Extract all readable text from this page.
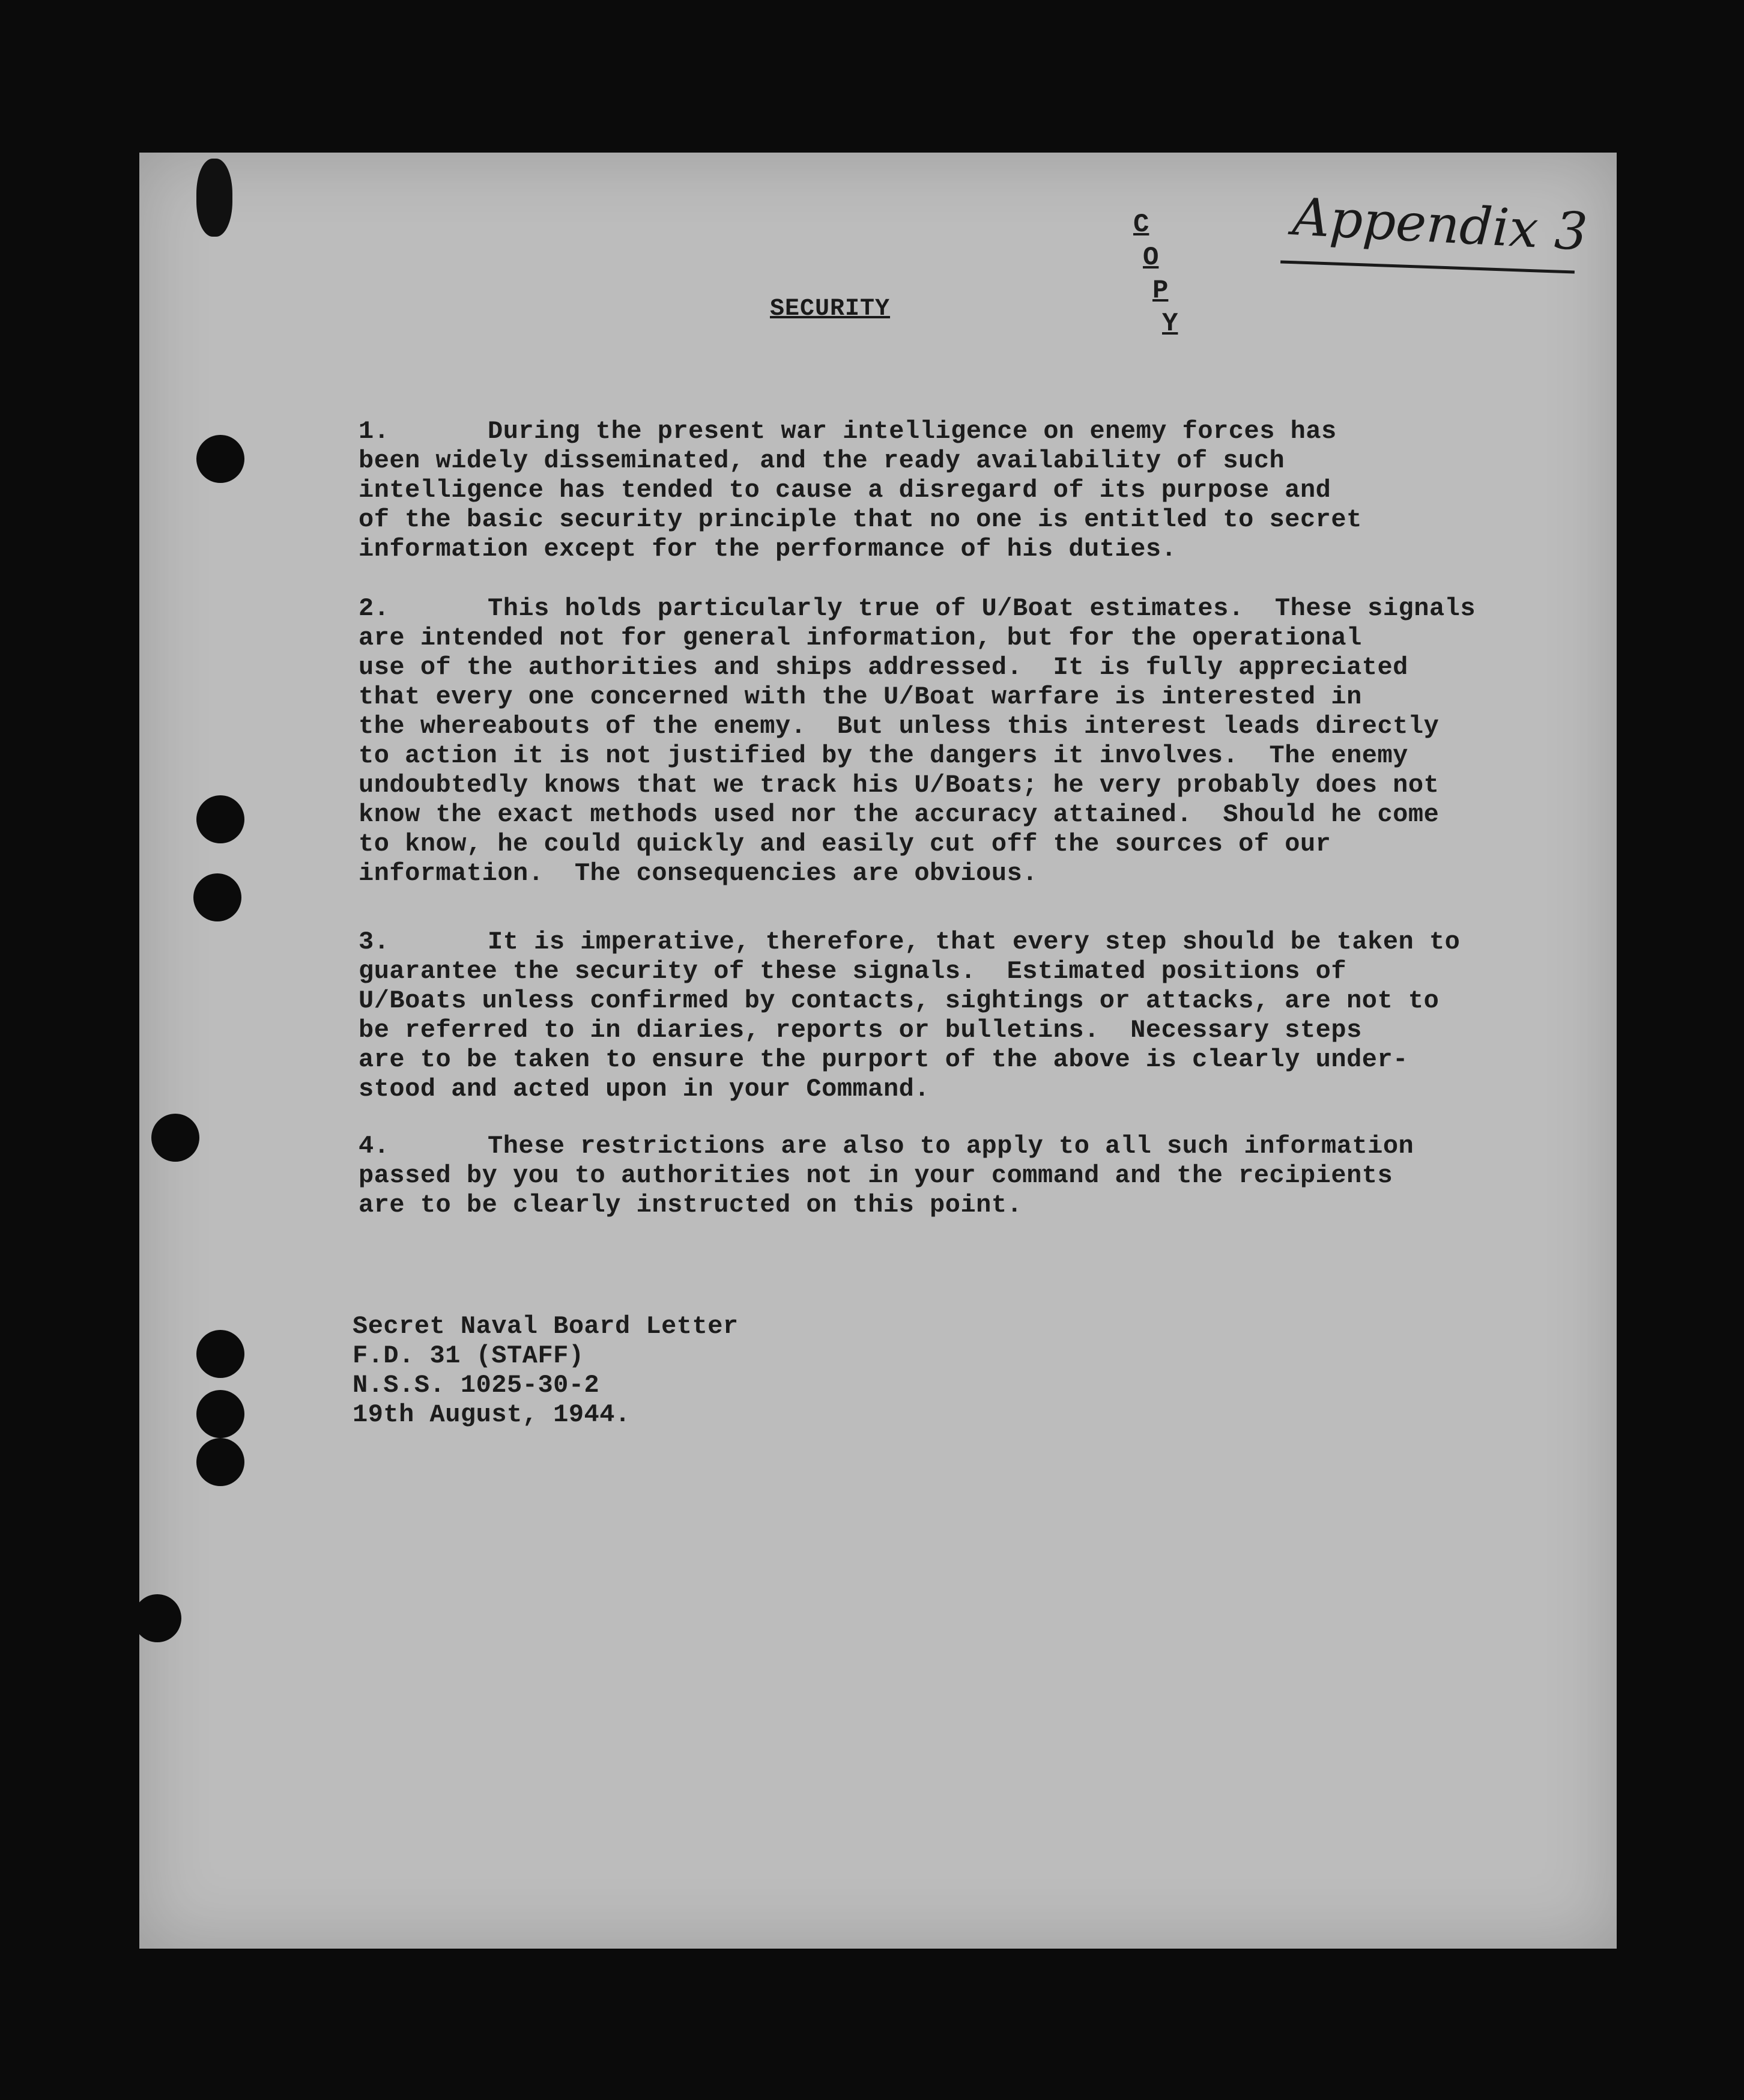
Appendix 3
C
O
P
Y
SECURITY
1.	During the present war intelligence on enemy forces has
been widely disseminated, and the ready availability of such
intelligence has tended to cause a disregard of its purpose and
of the basic security principle that no one is entitled to secret
information except for the performance of his duties.
2.	This holds particularly true of U/Boat estimates.  These signals
are intended not for general information, but for the operational
use of the authorities and ships addressed.  It is fully appreciated
that every one concerned with the U/Boat warfare is interested in
the whereabouts of the enemy.  But unless this interest leads directly
to action it is not justified by the dangers it involves.  The enemy
undoubtedly knows that we track his U/Boats; he very probably does not
know the exact methods used nor the accuracy attained.  Should he come
to know, he could quickly and easily cut off the sources of our
information.  The consequencies are obvious.
3.	It is imperative, therefore, that every step should be taken to
guarantee the security of these signals.  Estimated positions of
U/Boats unless confirmed by contacts, sightings or attacks, are not to
be referred to in diaries, reports or bulletins.  Necessary steps
are to be taken to ensure the purport of the above is clearly under-
stood and acted upon in your Command.
4.	These restrictions are also to apply to all such information
passed by you to authorities not in your command and the recipients
are to be clearly instructed on this point.
Secret Naval Board Letter
F.D. 31 (STAFF)
N.S.S. 1025-30-2
19th August, 1944.
